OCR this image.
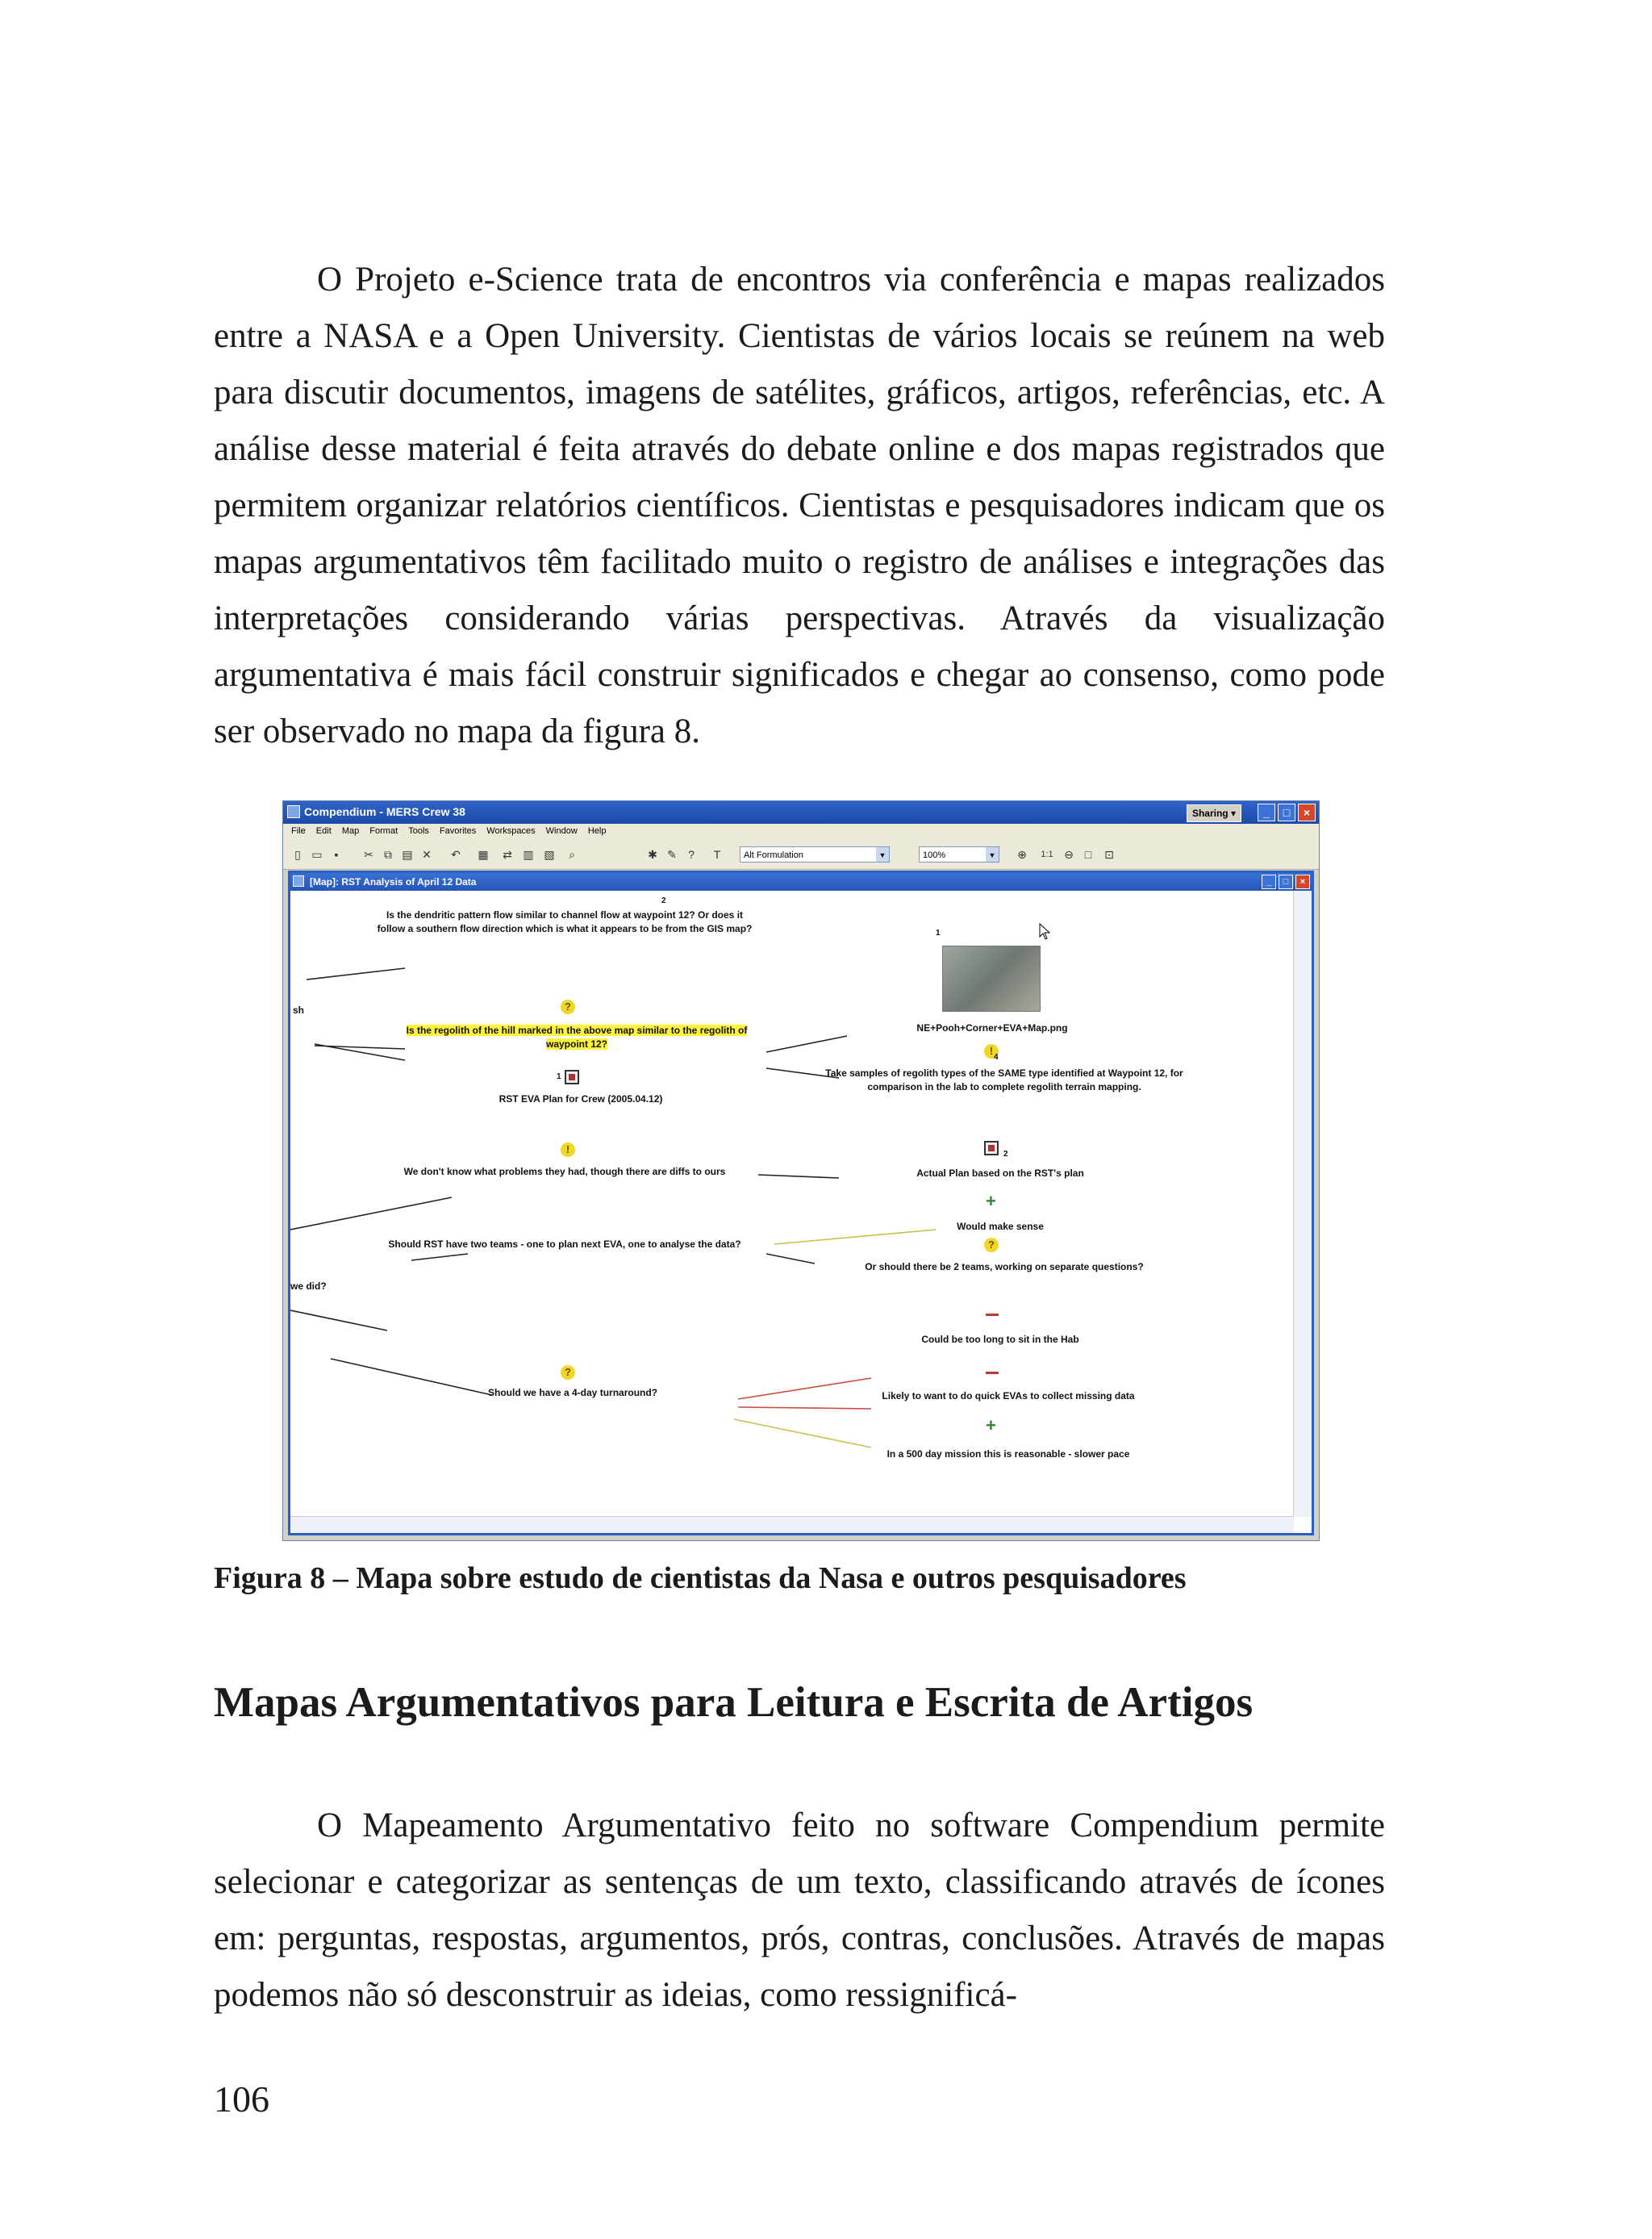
O Projeto e-Science trata de encontros via conferência e mapas realizados entre a NASA e a Open University. Cientistas de vários locais se reúnem na web para discutir documentos, imagens de satélites, gráficos, artigos, referências, etc. A análise desse material é feita através do debate online e dos mapas registrados que permitem organizar relatórios científicos. Cientistas e pesquisadores indicam que os mapas argumentativos têm facilitado muito o registro de análises e integrações das interpretações considerando várias perspectivas. Através da visualização argumentativa é mais fácil construir significados e chegar ao consenso, como pode ser observado no mapa da figura 8.

Compendium - MERS Crew 38	Sharing ▾	_	□	×
File Edit Map Format Tools Favorites Workspaces Window Help
▯ ▭	▪	✂ ⧉ ▤ ✕ ↶ ▦ ⇄ ▥ ▧ ⌕	✱ ✎ ? T	Alt Formulation	▼	100%	▼ ⊕	1:1 ⊖ □ ⊡
[Map]: RST Analysis of April 12 Data	_	□	×
2
Is the dendritic pattern flow similar to channel flow at waypoint 12? Or does it follow a southern flow direction which is what it appears to be from the GIS map?
sh	?
Is the regolith of the hill marked in the above map similar to the regolith of waypoint 12?
1
NE+Pooh+Corner+EVA+Map.png
1
RST EVA Plan for Crew (2005.04.12)
!
4
Take samples of regolith types of the SAME type identified at Waypoint 12, for comparison in the lab to complete regolith terrain mapping.
!
We don't know what problems they had, though there are diffs to ours
2
Actual Plan based on the RST's plan
+
Would make sense
Should RST have two teams - one to plan next EVA, one to analyse the data?
we did?
?
Or should there be 2 teams, working on separate questions?
Could be too long to sit in the Hab
?
Should we have a 4-day turnaround?	Likely to want to do quick EVAs to collect missing data
+
In a 500 day mission this is reasonable - slower pace

Figura 8 – Mapa sobre estudo de cientistas da Nasa e outros pesquisadores

Mapas Argumentativos para Leitura e Escrita de Artigos

O Mapeamento Argumentativo feito no software Compendium permite selecionar e categorizar as sentenças de um texto, classificando através de ícones em: perguntas, respostas, argumentos, prós, contras, conclusões. Através de mapas podemos não só desconstruir as ideias, como ressignificá-

106
